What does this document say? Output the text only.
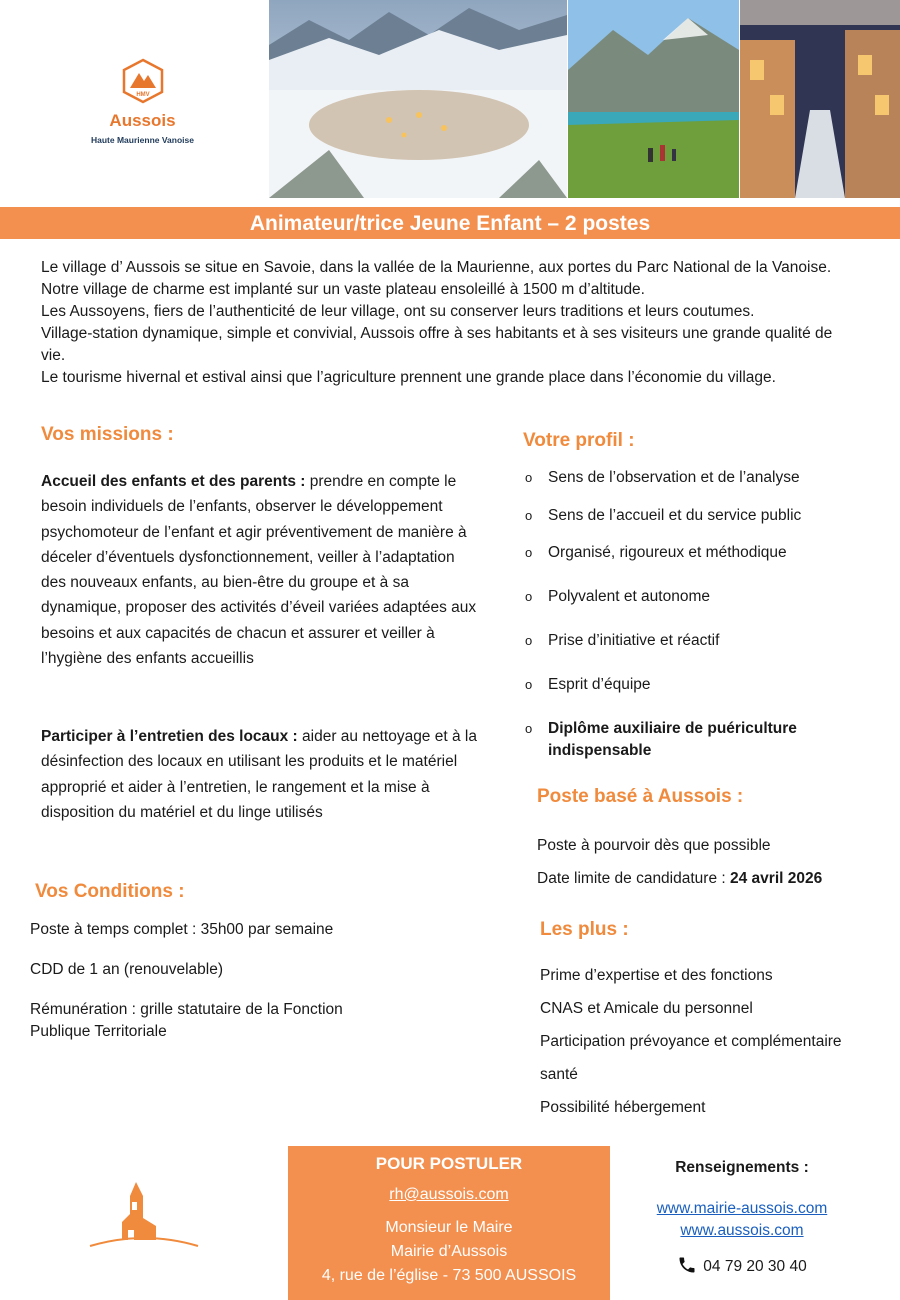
HMV
Aussois
Haute Maurienne Vanoise
Animateur/trice Jeune Enfant – 2 postes

Le village d’ Aussois se situe en Savoie, dans la vallée de la Maurienne, aux portes du Parc National de la Vanoise.

Notre village de charme est implanté sur un vaste plateau ensoleillé à 1500 m d’altitude.

Les Aussoyens, fiers de l’authenticité de leur village, ont su conserver leurs traditions et leurs coutumes.

Village-station dynamique, simple et convivial, Aussois offre à ses habitants et à ses visiteurs une grande qualité de vie.

Le tourisme hivernal et estival ainsi que l’agriculture prennent une grande place dans l’économie du village.

Vos missions :
Accueil des enfants et des parents : prendre en compte le besoin individuels de l’enfants, observer le développement psychomoteur de l’enfant et agir préventivement de manière à déceler d’éventuels dysfonctionnement, veiller à l’adaptation des nouveaux enfants, au bien-être du groupe et à sa dynamique, proposer des activités d’éveil variées adaptées aux besoins et aux capacités de chacun et assurer et veiller à l’hygiène des enfants accueillis
Participer à l’entretien des locaux : aider au nettoyage et à la désinfection des locaux en utilisant les produits et le matériel approprié et aider à l’entretien, le rangement et la mise à disposition du matériel et du linge utilisés
Votre profil :
o Sens de l’observation et de l’analyse
o Sens de l’accueil et du service public
o Organisé, rigoureux et méthodique
o Polyvalent et autonome
o Prise d’initiative et réactif
o Esprit d’équipe
o Diplôme auxiliaire de puériculture
indispensable
Poste basé à Aussois :
Poste à pourvoir dès que possible
Date limite de candidature : 24 avril 2026
Vos Conditions :
Poste à temps complet : 35h00 par semaine
CDD de 1 an (renouvelable)
Rémunération : grille statutaire de la Fonction
Publique Territoriale
Les plus :
Prime d’expertise et des fonctions
CNAS et Amicale du personnel
Participation prévoyance et complémentaire
santé
Possibilité hébergement
POUR POSTULER
rh@aussois.com
Monsieur le Maire
Mairie d’Aussois
4, rue de l’église - 73 500 AUSSOIS
Renseignements :
www.mairie-aussois.com
www.aussois.com
04 79 20 30 40
